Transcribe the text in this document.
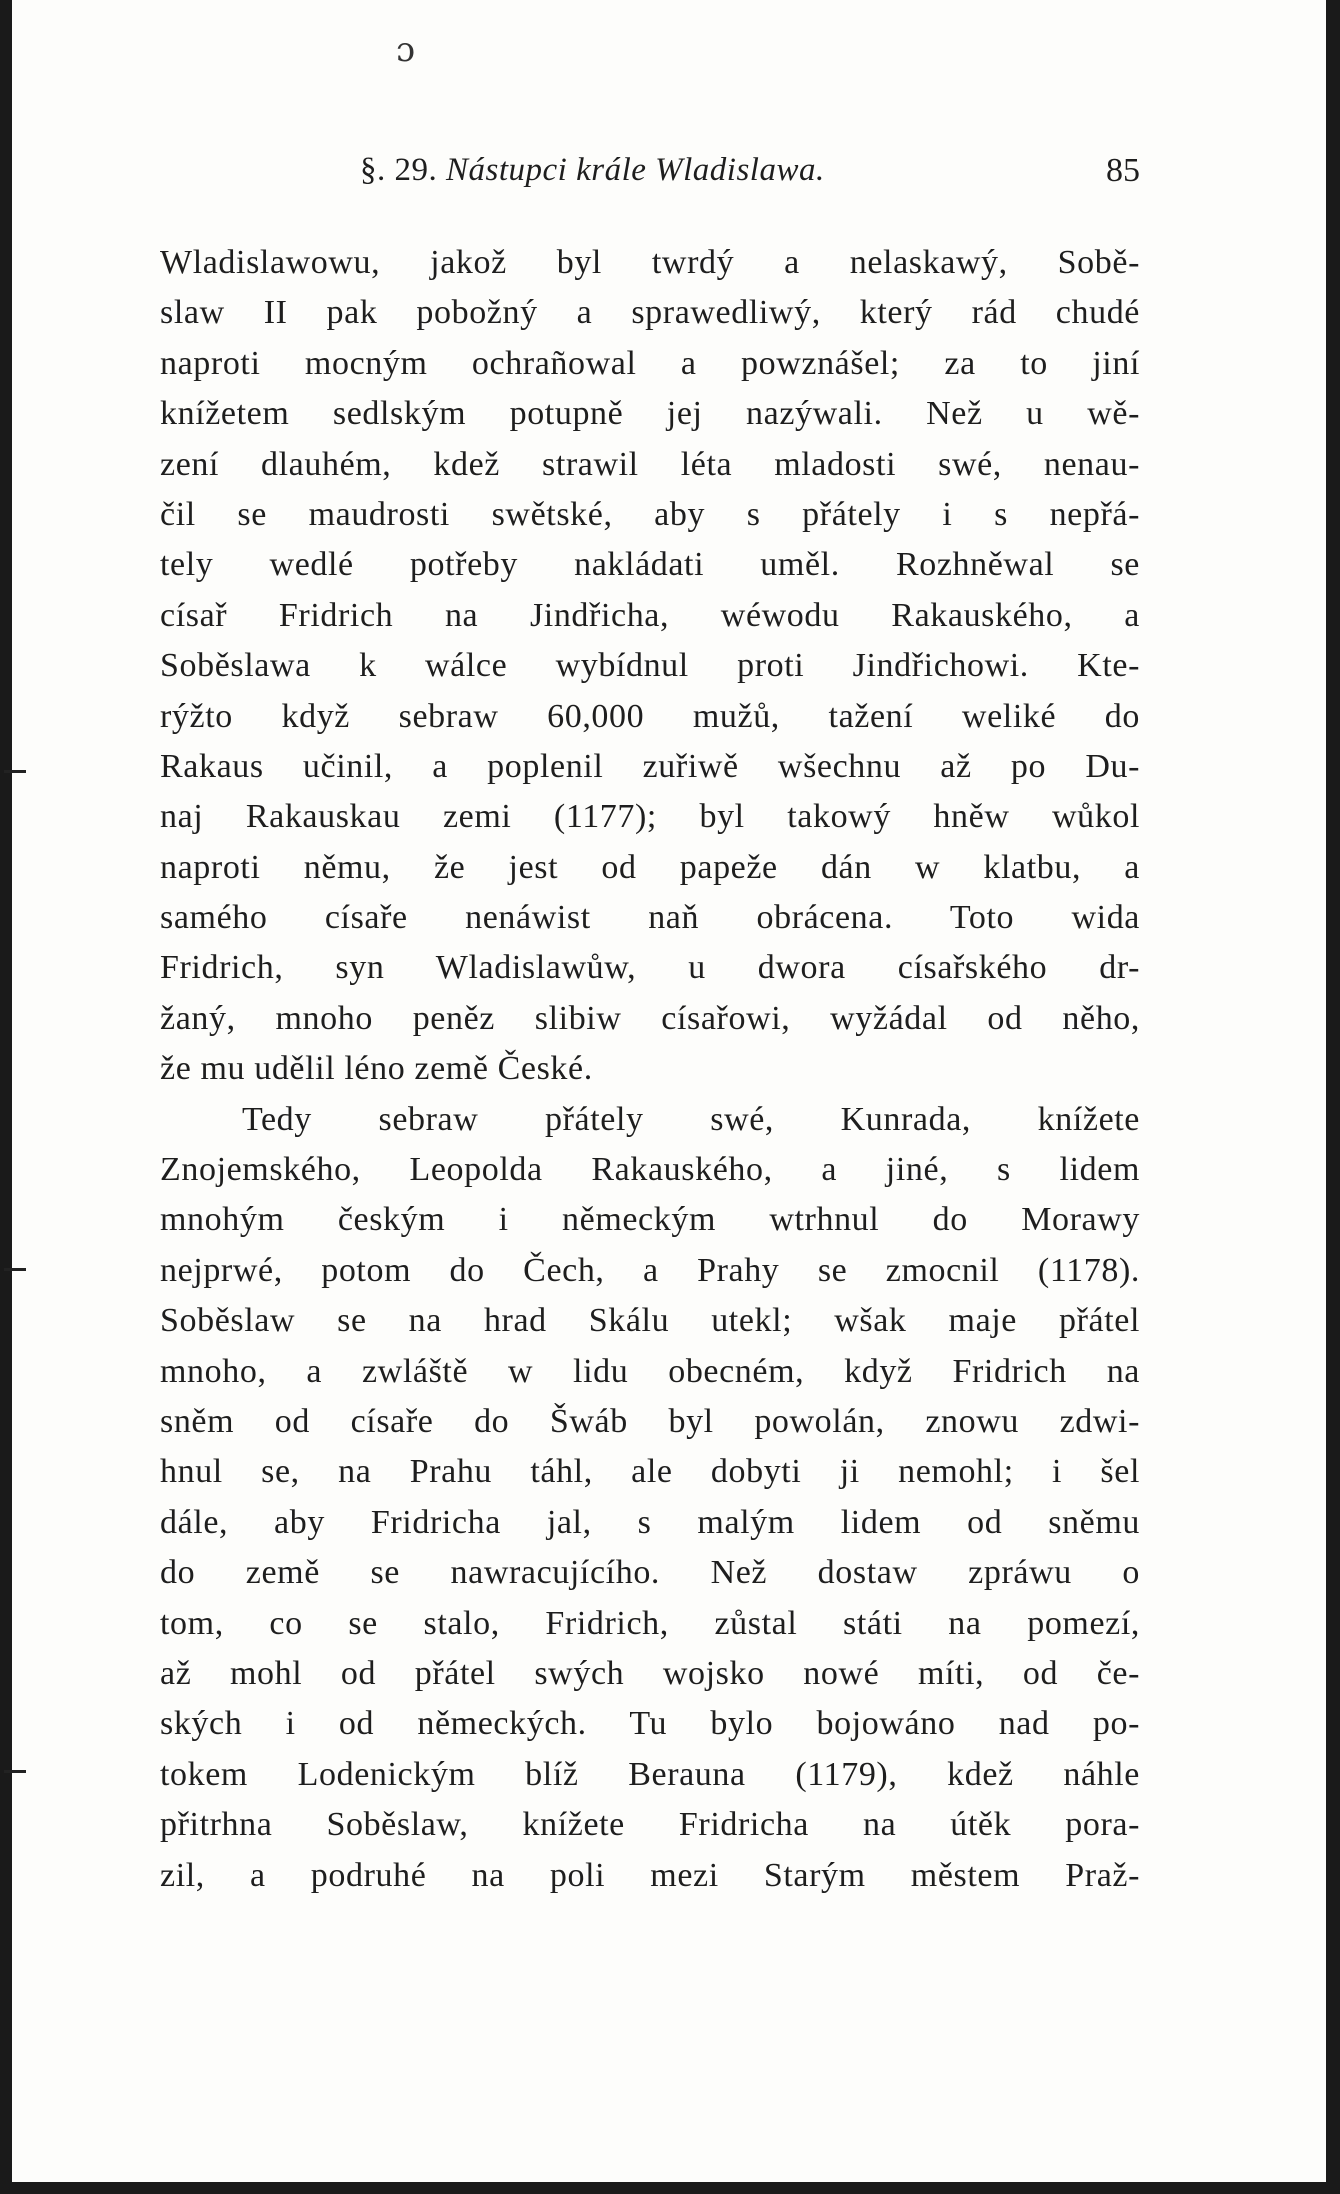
ɔ
§. 29. Nástupci krále Wladislawa.	85
Wladislawowu, jakož byl twrdý a nelaskawý, Sobě-
slaw II pak pobožný a sprawedliwý, který rád chudé
naproti mocným ochrañowal a powznášel; za to jiní
knížetem sedlským potupně jej nazýwali. Než u wě-
zení dlauhém, kdež strawil léta mladosti swé, nenau-
čil se maudrosti swětské, aby s přátely i s nepřá-
tely wedlé potřeby nakládati uměl. Rozhněwal se
císař Fridrich na Jindřicha, wéwodu Rakauského, a
Soběslawa k wálce wybídnul proti Jindřichowi. Kte-
rýžto když sebraw 60,000 mužů, tažení weliké do
Rakaus učinil, a poplenil zuřiwě wšechnu až po Du-
naj Rakauskau zemi (1177); byl takowý hněw wůkol
naproti němu, že jest od papeže dán w klatbu, a
samého císaře nenáwist naň obrácena. Toto wida
Fridrich, syn Wladislawůw, u dwora císařského dr-
žaný, mnoho peněz slibiw císařowi, wyžádal od něho,
že mu udělil léno země České.
Tedy sebraw přátely swé, Kunrada, knížete
Znojemského, Leopolda Rakauského, a jiné, s lidem
mnohým českým i německým wtrhnul do Morawy
nejprwé, potom do Čech, a Prahy se zmocnil (1178).
Soběslaw se na hrad Skálu utekl; wšak maje přátel
mnoho, a zwláště w lidu obecném, když Fridrich na
sněm od císaře do Šwáb byl powolán, znowu zdwi-
hnul se, na Prahu táhl, ale dobyti ji nemohl; i šel
dále, aby Fridricha jal, s malým lidem od sněmu
do země se nawracujícího. Než dostaw zpráwu o
tom, co se stalo, Fridrich, zůstal státi na pomezí,
až mohl od přátel swých wojsko nowé míti, od če-
ských i od německých. Tu bylo bojowáno nad po-
tokem Lodenickým blíž Berauna (1179), kdež náhle
přitrhna Soběslaw, knížete Fridricha na útěk pora-
zil, a podruhé na poli mezi Starým městem Praž-
